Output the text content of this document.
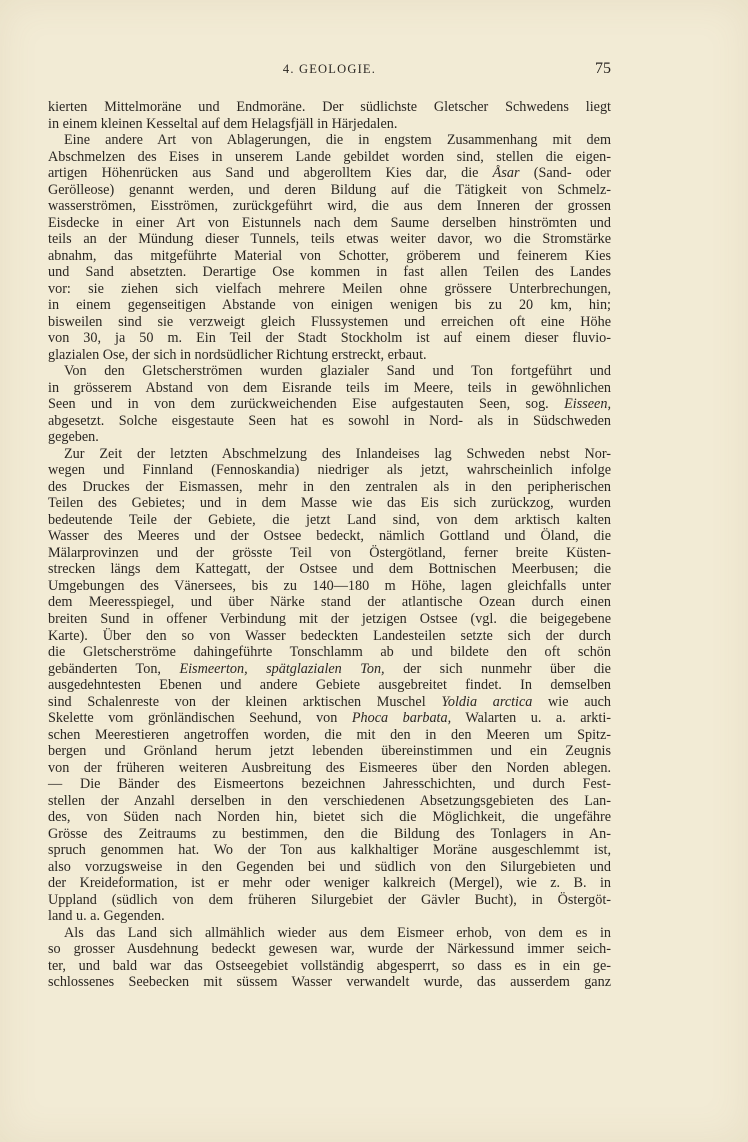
4. GEOLOGIE.	75
kierten Mittelmoräne und Endmoräne. Der südlichste Gletscher Schwedens liegt
in einem kleinen Kesseltal auf dem Helagsfjäll in Härjedalen.
Eine andere Art von Ablagerungen, die in engstem Zusammenhang mit dem
Abschmelzen des Eises in unserem Lande gebildet worden sind, stellen die eigen-
artigen Höhenrücken aus Sand und abgerolltem Kies dar, die Åsar (Sand- oder
Geröllеose) genannt werden, und deren Bildung auf die Tätigkeit von Schmelz-
wasserströmen, Eisströmen, zurückgeführt wird, die aus dem Inneren der grossen
Eisdecke in einer Art von Eistunnels nach dem Saume derselben hinströmten und
teils an der Mündung dieser Tunnels, teils etwas weiter davor, wo die Stromstärke
abnahm, das mitgeführte Material von Schotter, gröberem und feinerem Kies
und Sand absetzten. Derartige Ose kommen in fast allen Teilen des Landes
vor: sie ziehen sich vielfach mehrere Meilen ohne grössere Unterbrechungen,
in einem gegenseitigen Abstande von einigen wenigen bis zu 20 km, hin;
bisweilen sind sie verzweigt gleich Flussystemen und erreichen oft eine Höhe
von 30, ja 50 m. Ein Teil der Stadt Stockholm ist auf einem dieser fluvio-
glazialen Ose, der sich in nordsüdlicher Richtung erstreckt, erbaut.
Von den Gletscherströmen wurden glazialer Sand und Ton fortgeführt und
in grösserem Abstand von dem Eisrande teils im Meere, teils in gewöhnlichen
Seen und in von dem zurückweichenden Eise aufgestauten Seen, sog. Eisseen,
abgesetzt. Solche eisgestaute Seen hat es sowohl in Nord- als in Südschweden
gegeben.
Zur Zeit der letzten Abschmelzung des Inlandeises lag Schweden nebst Nor-
wegen und Finnland (Fennoskandia) niedriger als jetzt, wahrscheinlich infolge
des Druckes der Eismassen, mehr in den zentralen als in den peripherischen
Teilen des Gebietes; und in dem Masse wie das Eis sich zurückzog, wurden
bedeutende Teile der Gebiete, die jetzt Land sind, von dem arktisch kalten
Wasser des Meeres und der Ostsee bedeckt, nämlich Gottland und Öland, die
Mälarprovinzen und der grösste Teil von Östergötland, ferner breite Küsten-
strecken längs dem Kattegatt, der Ostsee und dem Bottnischen Meerbusen; die
Umgebungen des Vänersees, bis zu 140—180 m Höhe, lagen gleichfalls unter
dem Meeresspiegel, und über Närke stand der atlantische Ozean durch einen
breiten Sund in offener Verbindung mit der jetzigen Ostsee (vgl. die beigegebene
Karte). Über den so von Wasser bedeckten Landesteilen setzte sich der durch
die Gletscherströme dahingeführte Tonschlamm ab und bildete den oft schön
gebänderten Ton, Eismeerton, spätglazialen Ton, der sich nunmehr über die
ausgedehntesten Ebenen und andere Gebiete ausgebreitet findet. In demselben
sind Schalenreste von der kleinen arktischen Muschel Yoldia arctica wie auch
Skelette vom grönländischen Seehund, von Phoca barbata, Walarten u. a. arkti-
schen Meerestieren angetroffen worden, die mit den in den Meeren um Spitz-
bergen und Grönland herum jetzt lebenden übereinstimmen und ein Zeugnis
von der früheren weiteren Ausbreitung des Eismeeres über den Norden ablegen.
— Die Bänder des Eismeertons bezeichnen Jahresschichten, und durch Fest-
stellen der Anzahl derselben in den verschiedenen Absetzungsgebieten des Lan-
des, von Süden nach Norden hin, bietet sich die Möglichkeit, die ungefähre
Grösse des Zeitraums zu bestimmen, den die Bildung des Tonlagers in An-
spruch genommen hat. Wo der Ton aus kalkhaltiger Moräne ausgeschlemmt ist,
also vorzugsweise in den Gegenden bei und südlich von den Silurgebieten und
der Kreideformation, ist er mehr oder weniger kalkreich (Mergel), wie z. B. in
Uppland (südlich von dem früheren Silurgebiet der Gävler Bucht), in Östergöt-
land u. a. Gegenden.
Als das Land sich allmählich wieder aus dem Eismeer erhob, von dem es in
so grosser Ausdehnung bedeckt gewesen war, wurde der Närkessund immer seich-
ter, und bald war das Ostseegebiet vollständig abgesperrt, so dass es in ein ge-
schlossenes Seebecken mit süssem Wasser verwandelt wurde, das ausserdem ganz
